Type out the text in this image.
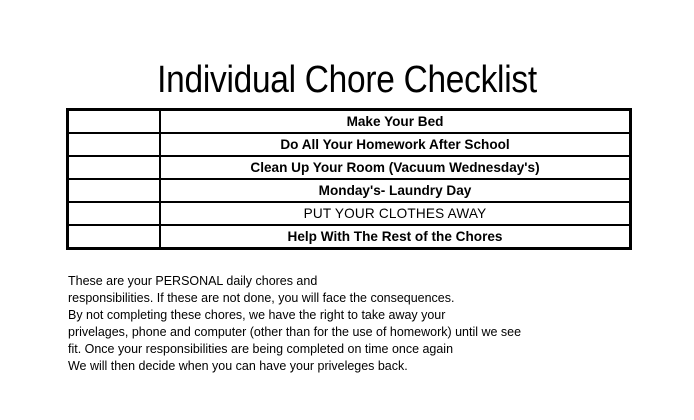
Individual Chore Checklist
	Make Your Bed
	Do All Your Homework After School
	Clean Up Your Room (Vacuum Wednesday's)
	Monday's- Laundry Day
	PUT YOUR CLOTHES AWAY
	Help With The Rest of the Chores
These are your PERSONAL daily chores and
responsibilities. If these are not done, you will face the consequences.
By not completing these chores, we have the right to take away your
privelages, phone and computer (other than for the use of homework) until we see
fit. Once your responsibilities are being completed on time once again
We will then decide when you can have your priveleges back.
